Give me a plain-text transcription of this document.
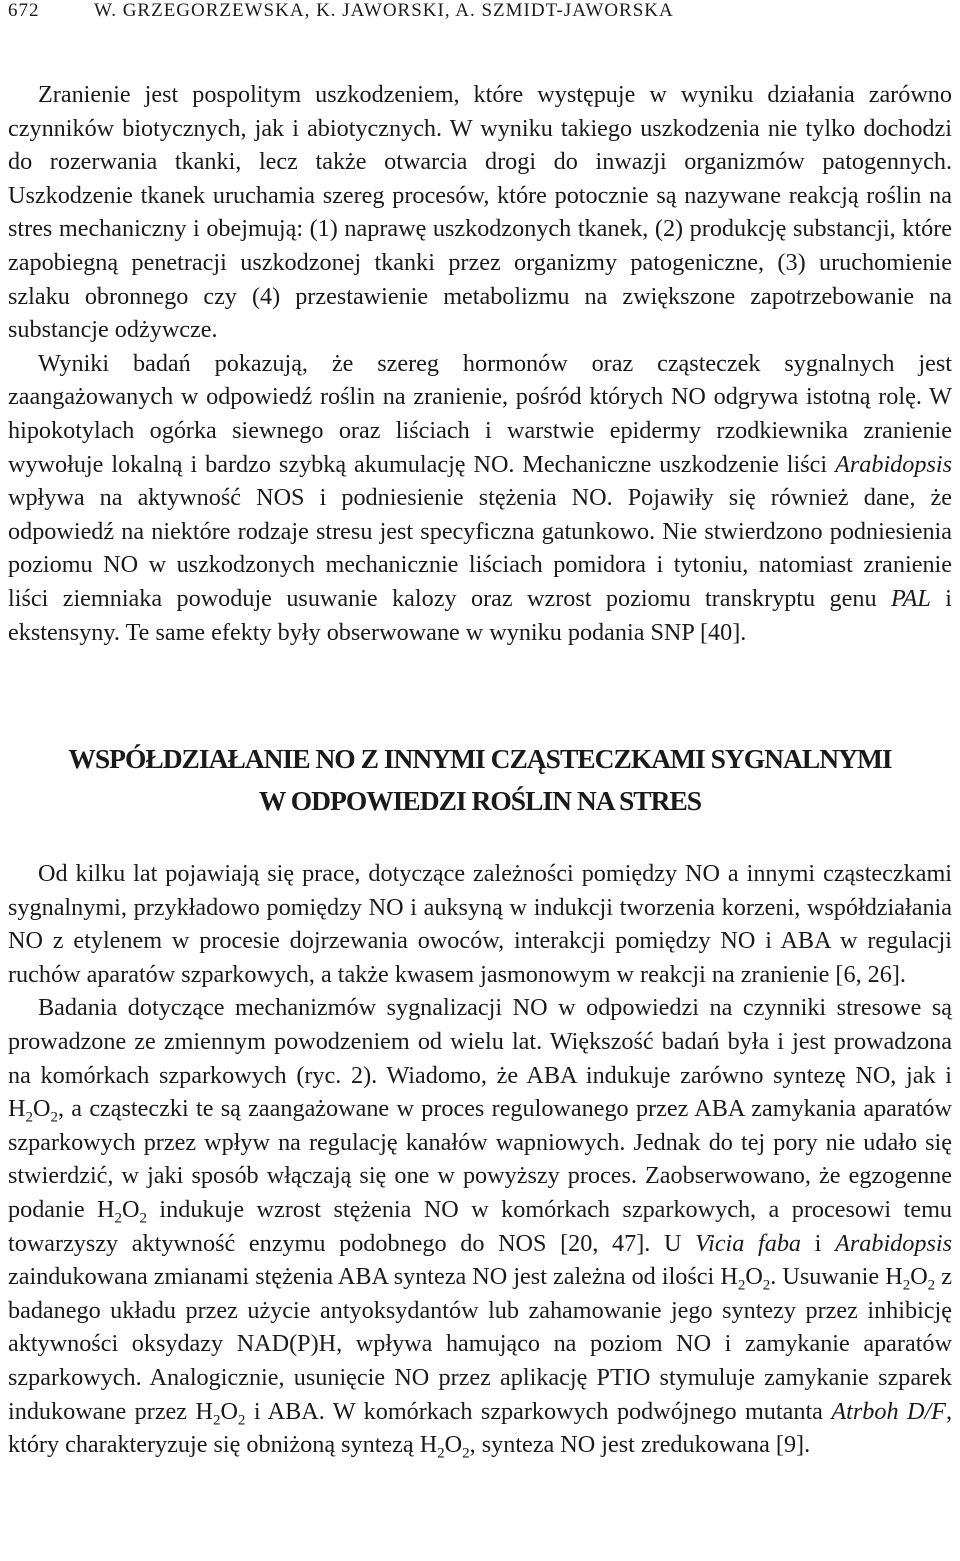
672	W. GRZEGORZEWSKA, K. JAWORSKI, A. SZMIDT-JAWORSKA

Zranienie jest pospolitym uszkodzeniem, które występuje w wyniku działania zarówno czynników biotycznych, jak i abiotycznych. W wyniku takiego uszkodzenia nie tylko dochodzi do rozerwania tkanki, lecz także otwarcia drogi do inwazji organizmów patogennych. Uszkodzenie tkanek uruchamia szereg procesów, które potocznie są nazywane reakcją roślin na stres mechaniczny i obejmują: (1) naprawę uszkodzonych tkanek, (2) produkcję substancji, które zapobiegną penetracji uszkodzonej tkanki przez organizmy patogeniczne, (3) uruchomienie szlaku obronnego czy (4) przestawienie metabolizmu na zwiększone zapotrzebowanie na substancje odżywcze.

Wyniki badań pokazują, że szereg hormonów oraz cząsteczek sygnalnych jest zaangażowanych w odpowiedź roślin na zranienie, pośród których NO odgrywa istotną rolę. W hipokotylach ogórka siewnego oraz liściach i warstwie epidermy rzodkiewnika zranienie wywołuje lokalną i bardzo szybką akumulację NO. Mechaniczne uszkodzenie liści Arabidopsis wpływa na aktywność NOS i podniesienie stężenia NO. Pojawiły się również dane, że odpowiedź na niektóre rodzaje stresu jest specyficzna gatunkowo. Nie stwierdzono podniesienia poziomu NO w uszkodzonych mechanicznie liściach pomidora i tytoniu, natomiast zranienie liści ziemniaka powoduje usuwanie kalozy oraz wzrost poziomu transkryptu genu PAL i ekstensyny. Te same efekty były obserwowane w wyniku podania SNP [40].

WSPÓŁDZIAŁANIE NO Z INNYMI CZĄSTECZKAMI SYGNALNYMI
W ODPOWIEDZI ROŚLIN NA STRES

Od kilku lat pojawiają się prace, dotyczące zależności pomiędzy NO a innymi cząsteczkami sygnalnymi, przykładowo pomiędzy NO i auksyną w indukcji tworzenia korzeni, współdziałania NO z etylenem w procesie dojrzewania owoców, interakcji pomiędzy NO i ABA w regulacji ruchów aparatów szparkowych, a także kwasem jasmonowym w reakcji na zranienie [6, 26].

Badania dotyczące mechanizmów sygnalizacji NO w odpowiedzi na czynniki stresowe są prowadzone ze zmiennym powodzeniem od wielu lat. Większość badań była i jest prowadzona na komórkach szparkowych (ryc. 2). Wiadomo, że ABA indukuje zarówno syntezę NO, jak i $H_2O_2$, a cząsteczki te są zaangażowane w proces regulowanego przez ABA zamykania aparatów szparkowych przez wpływ na regulację kanałów wapniowych. Jednak do tej pory nie udało się stwierdzić, w jaki sposób włączają się one w powyższy proces. Zaobserwowano, że egzogenne podanie $H_2O_2$ indukuje wzrost stężenia NO w komórkach szparkowych, a procesowi temu towarzyszy aktywność enzymu podobnego do NOS [20, 47]. U Vicia faba i Arabidopsis zaindukowana zmianami stężenia ABA synteza NO jest zależna od ilości $H_2O_2$. Usuwanie $H_2O_2$ z badanego układu przez użycie antyoksydantów lub zahamowanie jego syntezy przez inhibicję aktywności oksydazy NAD(P)H, wpływa hamująco na poziom NO i zamykanie aparatów szparkowych. Analogicznie, usunięcie NO przez aplikację PTIO stymuluje zamykanie szparek indukowane przez $H_2O_2$ i ABA. W komórkach szparkowych podwójnego mutanta Atrboh D/F, który charakteryzuje się obniżoną syntezą $H_2O_2$, synteza NO jest zredukowana [9].
